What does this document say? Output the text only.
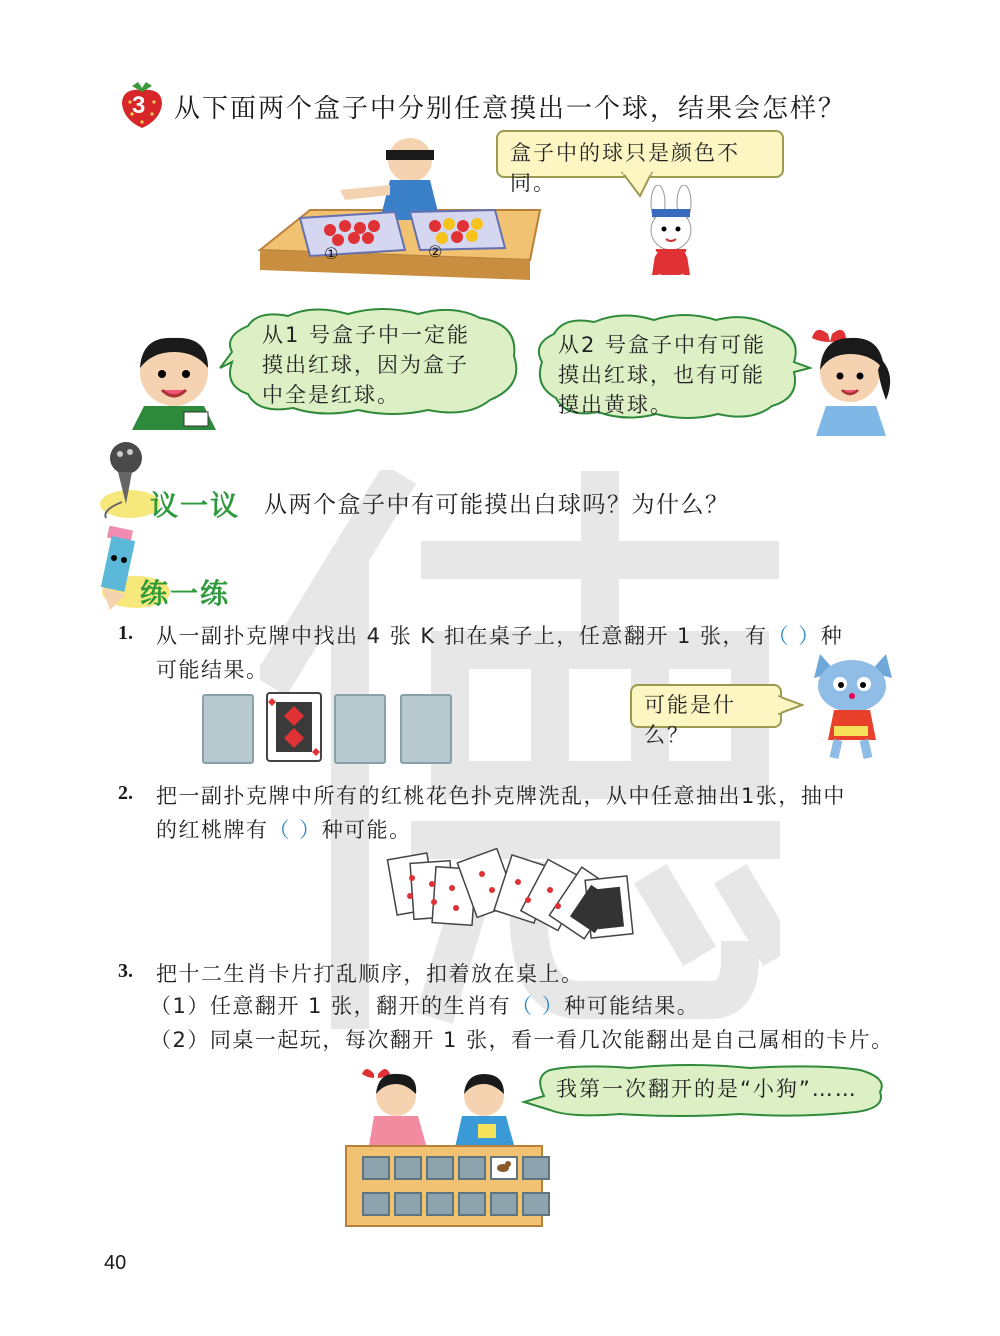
3 从下面两个盒子中分别任意摸出一个球，结果会怎样？
①	②
盒子中的球只是颜色不同。
从1 号盒子中一定能
摸出红球，因为盒子
中全是红球。
从2 号盒子中有可能
摸出红球，也有可能
摸出黄球。
议一议 从两个盒子中有可能摸出白球吗？为什么？
练一练
1. 从一副扑克牌中找出 4 张 K 扣在桌子上，任意翻开 1 张，有（ ）种
可能结果。
可能是什么？
2. 把一副扑克牌中所有的红桃花色扑克牌洗乱，从中任意抽出1张，抽中
的红桃牌有（ ）种可能。
3. 把十二生肖卡片打乱顺序，扣着放在桌上。
（1）任意翻开 1 张，翻开的生肖有（ ）种可能结果。
（2）同桌一起玩，每次翻开 1 张，看一看几次能翻出是自己属相的卡片。
我第一次翻开的是“小狗”……
40
